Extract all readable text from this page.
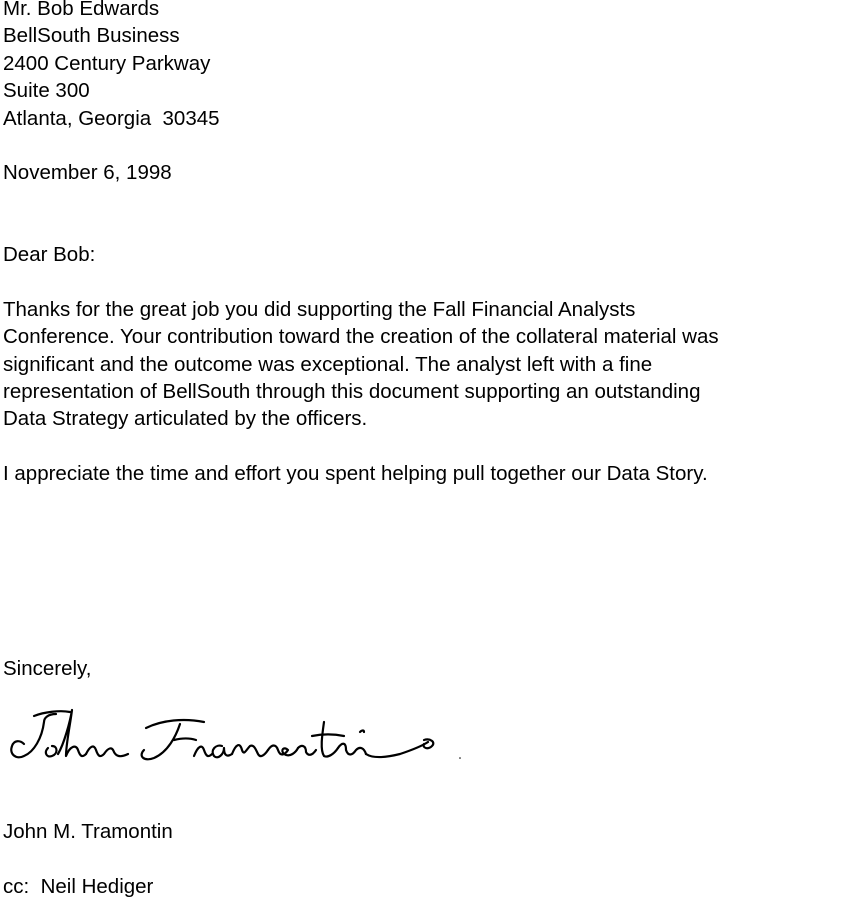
Mr. Bob Edwards
BellSouth Business
2400 Century Parkway
Suite 300
Atlanta, Georgia  30345
November 6, 1998
Dear Bob:
Thanks for the great job you did supporting the Fall Financial Analysts
Conference. Your contribution toward the creation of the collateral material was
significant and the outcome was exceptional. The analyst left with a fine
representation of BellSouth through this document supporting an outstanding
Data Strategy articulated by the officers.
I appreciate the time and effort you spent helping pull together our Data Story.
Sincerely,
John M. Tramontin
cc:  Neil Hediger
